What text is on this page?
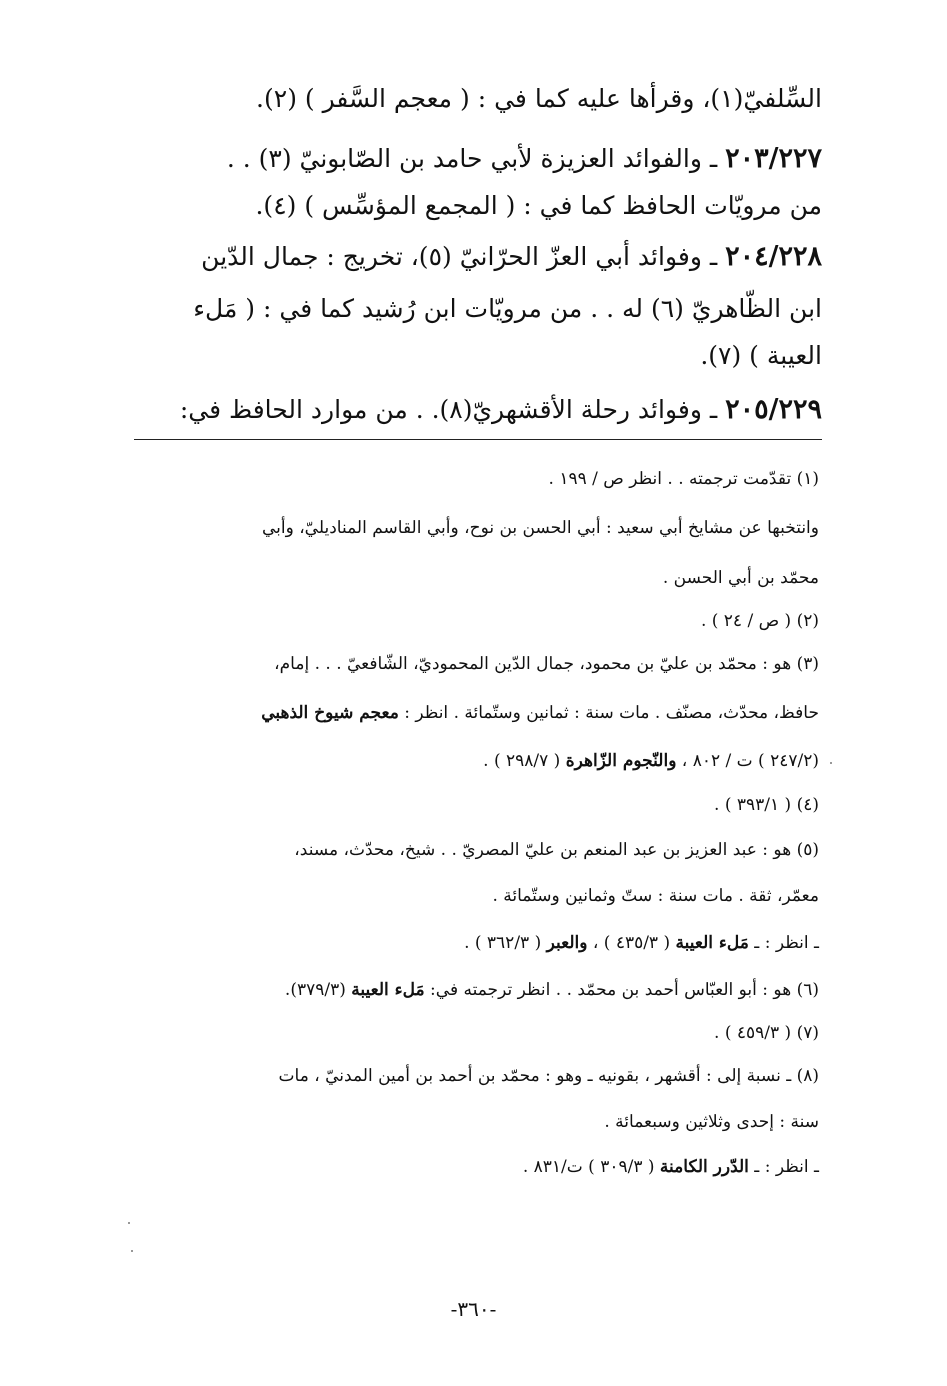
السِّلفيّ(١)، وقرأها عليه كما في : ( معجم السَّفر ) (٢).
٢٠٣/٢٢٧ ـ والفوائد العزيزة لأبي حامد بن الصّابونيّ (٣) . .
من مرويّات الحافظ كما في : ( المجمع المؤسِّس ) (٤).
٢٠٤/٢٢٨ ـ وفوائد أبي العزّ الحرّانيّ (٥)، تخريج : جمال الدّين
ابن الظّاهريّ (٦) له . . من مرويّات ابن رُشيد كما في : ( مَلء
العيبة ) (٧).
٢٠٥/٢٢٩ ـ وفوائد رحلة الأقشهريّ(٨). . من موارد الحافظ في:
(١) تقدّمت ترجمته . . انظر ص / ١٩٩ .
وانتخبها عن مشايخ أبي سعيد : أبي الحسن بن نوح، وأبي القاسم المناديليّ، وأبي
محمّد بن أبي الحسن .
(٢) ( ص / ٢٤ ) .
(٣) هو : محمّد بن عليّ بن محمود، جمال الدّين المحموديّ، الشّافعيّ . . . إمام،
حافظ، محدّث، مصنّف . مات سنة : ثمانين وستّمائة . انظر : معجم شيوخ الذهبي
(٢٤٧/٢ ) ت / ٨٠٢ ، والنّجوم الزّاهرة ( ٢٩٨/٧ ) .
(٤) ( ٣٩٣/١ ) .
(٥) هو : عبد العزيز بن عبد المنعم بن عليّ المصريّ . . شيخ، محدّث، مسند،
معمّر، ثقة . مات سنة : ستّ وثمانين وستّمائة .
ـ انظر : ـ مَلء العيبة ( ٤٣٥/٣ ) ، والعبر ( ٣٦٢/٣ ) .
(٦) هو : أبو العبّاس أحمد بن محمّد . . انظر ترجمته في: مَلء العيبة (٣٧٩/٣).
(٧) ( ٤٥٩/٣ ) .
(٨) ـ نسبة إلى : أقشهر ، بقونيه ـ وهو : محمّد بن أحمد بن أمين المدنيّ ، مات
سنة : إحدى وثلاثين وسبعمائة .
ـ انظر : ـ الدّرر الكامنة ( ٣٠٩/٣ ) ت/٨٣١ .
-٣٦٠-
